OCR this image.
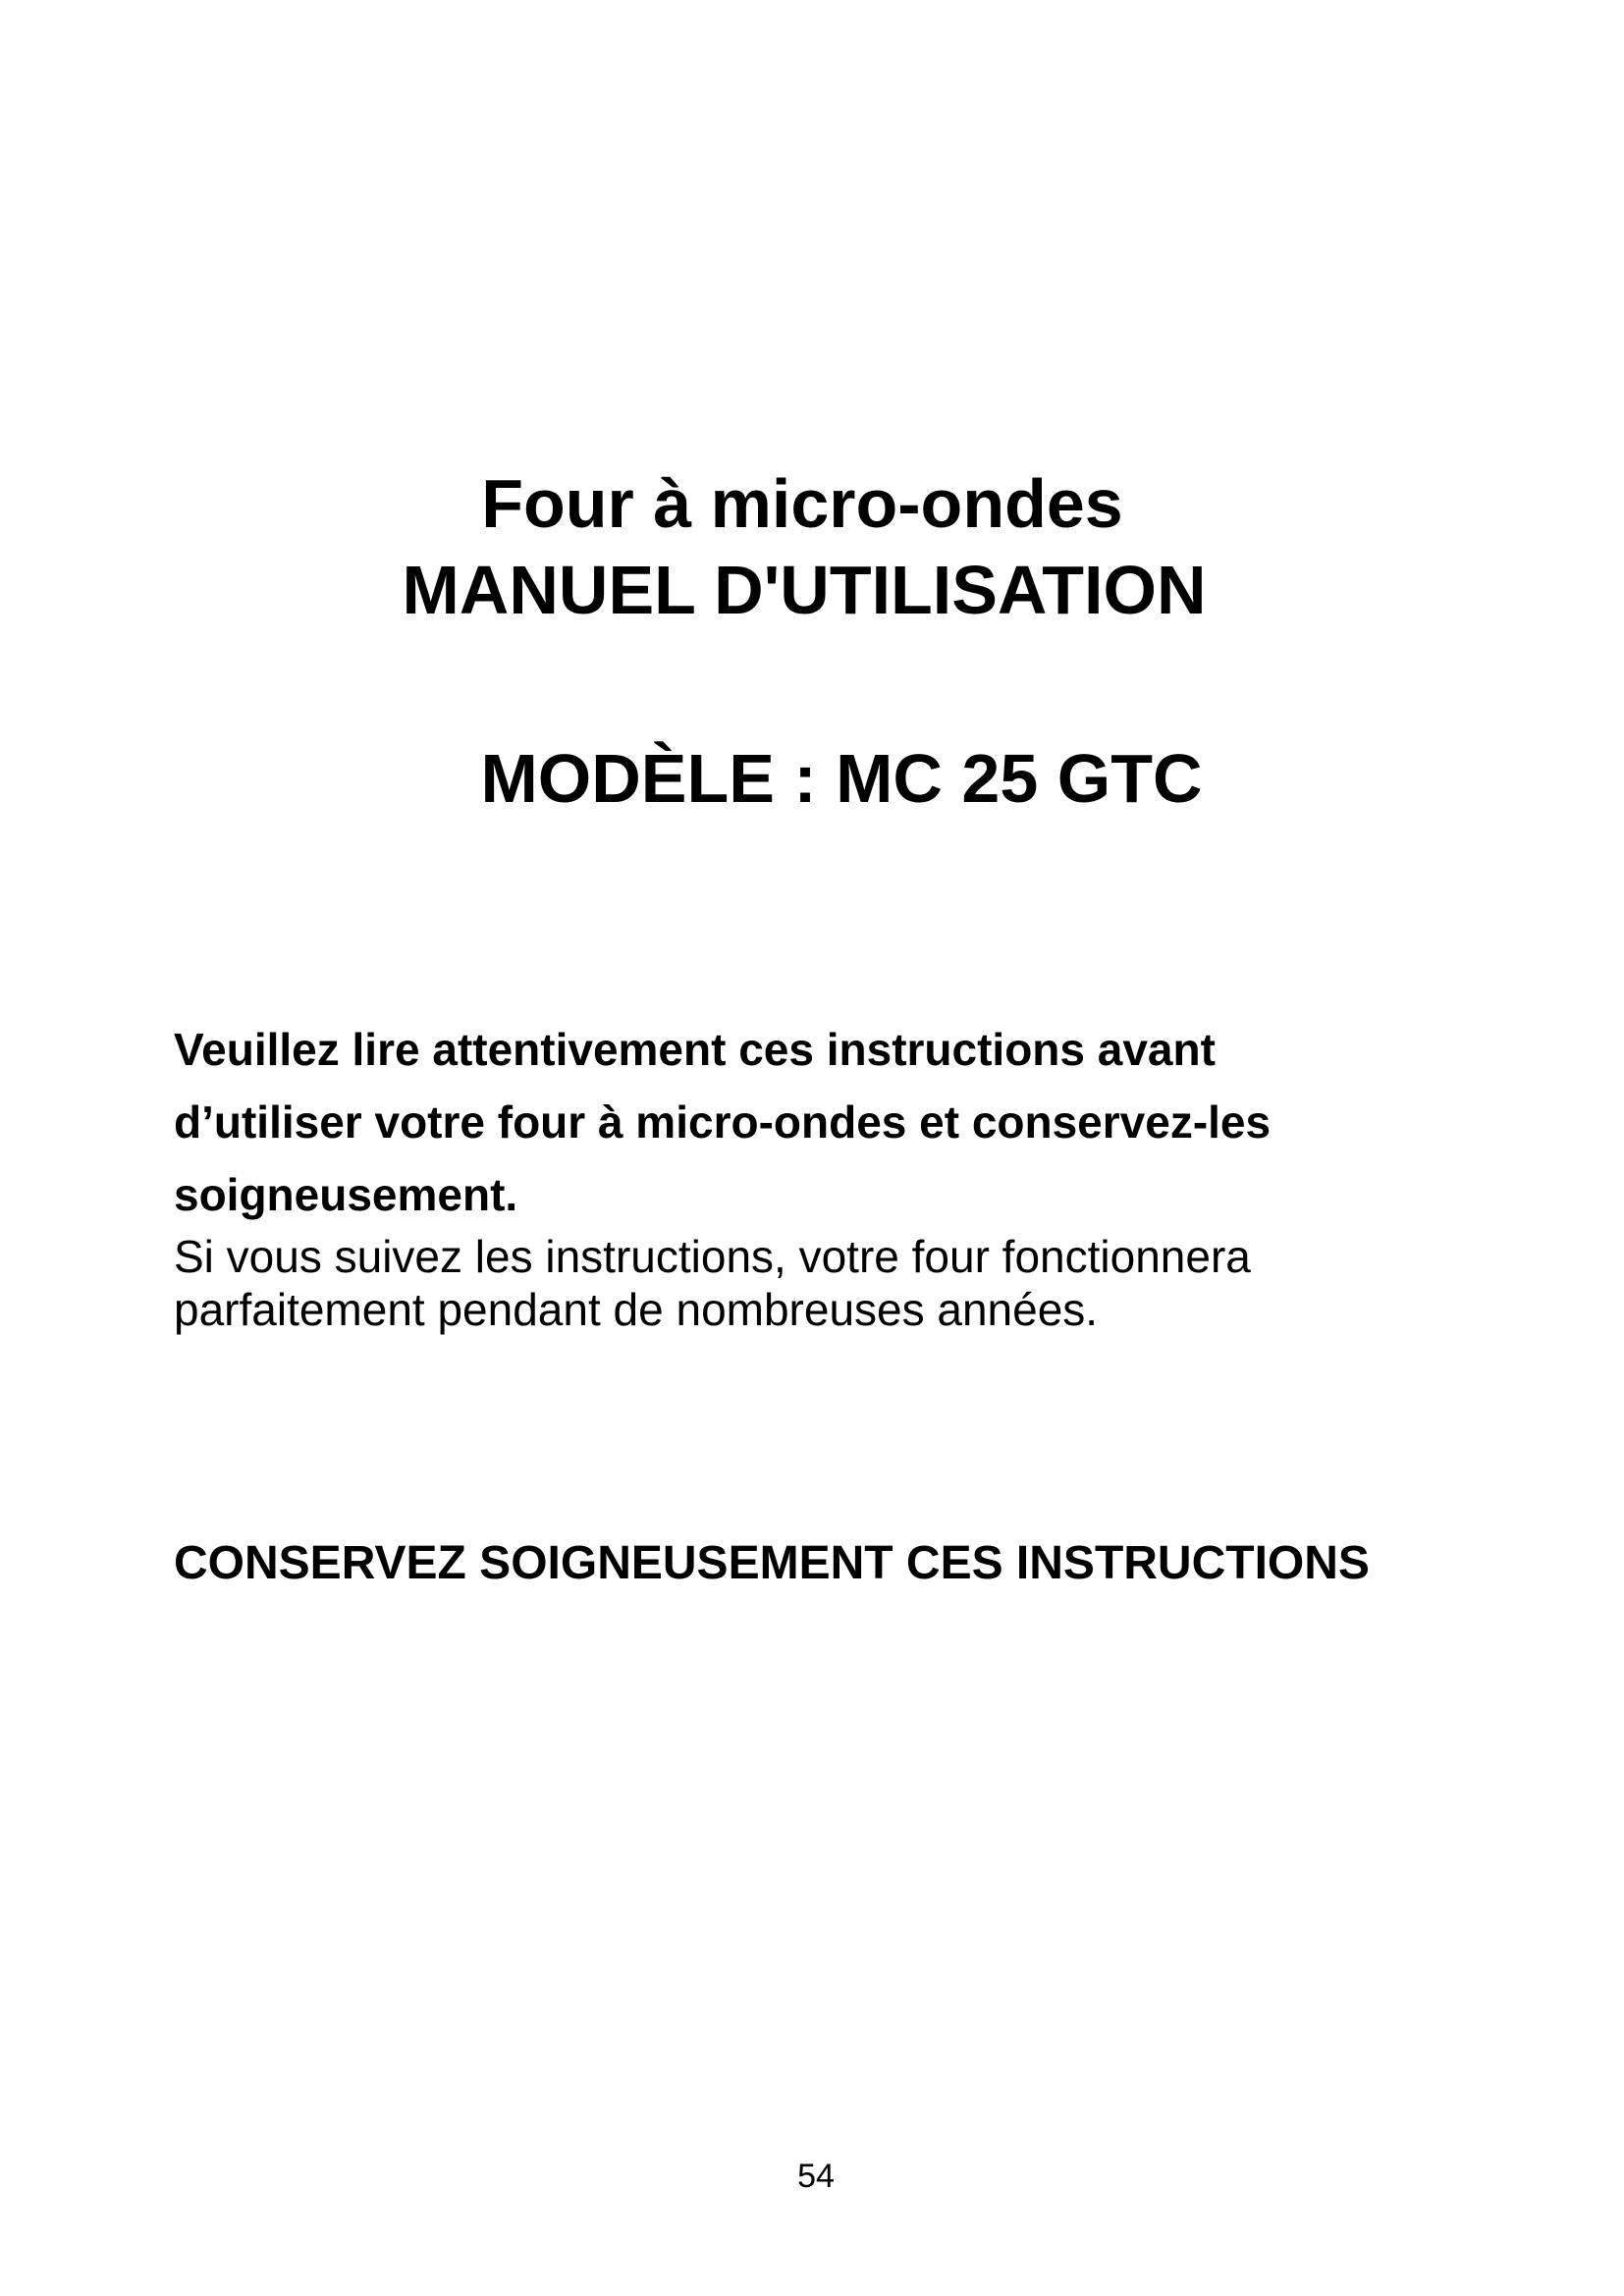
Four à micro-ondes
MANUEL D'UTILISATION
MODÈLE : MC 25 GTC

Veuillez lire attentivement ces instructions avant

d’utiliser votre four à micro-ondes et conservez-les

soigneusement.

Si vous suivez les instructions, votre four fonctionnera

parfaitement pendant de nombreuses années.

CONSERVEZ SOIGNEUSEMENT CES INSTRUCTIONS
54
